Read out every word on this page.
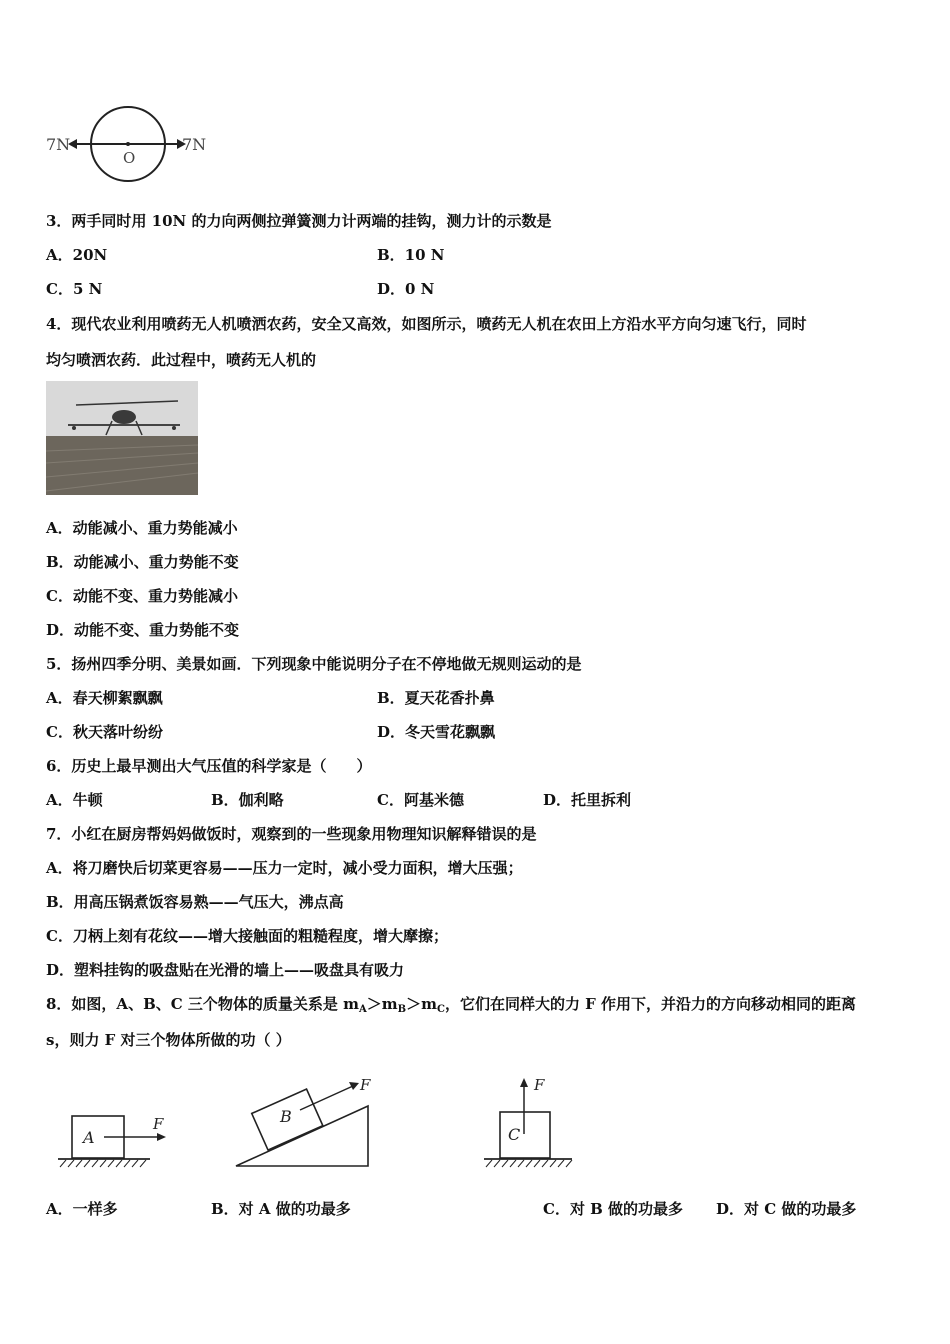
7N	7N
O
3．两手同时用 10N 的力向两侧拉弹簧测力计两端的挂钩，测力计的示数是
A．20N	B．10 N
C．5 N	D．0 N
4．现代农业利用喷药无人机喷洒农药，安全又高效，如图所示，喷药无人机在农田上方沿水平方向匀速飞行，同时
均匀喷洒农药．此过程中，喷药无人机的
A．动能减小、重力势能减小
B．动能减小、重力势能不变
C．动能不变、重力势能减小
D．动能不变、重力势能不变
5．扬州四季分明、美景如画．下列现象中能说明分子在不停地做无规则运动的是
A．春天柳絮飘飘	B．夏天花香扑鼻
C．秋天落叶纷纷	D．冬天雪花飘飘
6．历史上最早测出大气压值的科学家是（　　）
A．牛顿	B．伽利略	C．阿基米德	D．托里拆利
7．小红在厨房帮妈妈做饭时，观察到的一些现象用物理知识解释错误的是
A．将刀磨快后切菜更容易——压力一定时，减小受力面积，增大压强；
B．用高压锅煮饭容易熟——气压大，沸点高
C．刀柄上刻有花纹——增大接触面的粗糙程度，增大摩擦；
D．塑料挂钩的吸盘贴在光滑的墙上——吸盘具有吸力
8．如图，A、B、C 三个物体的质量关系是 $m_A>m_B>m_C$，它们在同样大的力 F 作用下，并沿力的方向移动相同的距离
s，则力 F 对三个物体所做的功（ ）
A
F	B
F
C
F
A．一样多	B．对 A 做的功最多	C．对 B 做的功最多 D．对 C 做的功最多
